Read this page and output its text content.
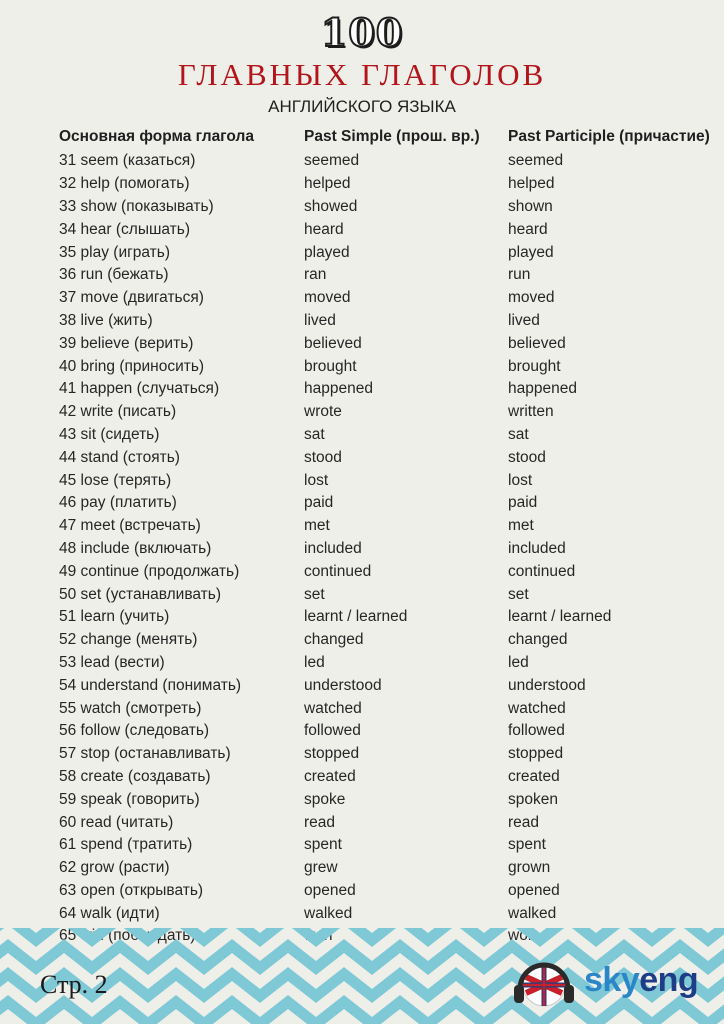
100
ГЛАВНЫХ ГЛАГОЛОВ
АНГЛИЙСКОГО ЯЗЫКА
Основная форма глагола	Past Simple (прош. вр.)	Past Participle (причастие)
31 seem (казаться)	seemed	seemed
32 help (помогать)	helped	helped
33 show (показывать)	showed	shown
34 hear (слышать)	heard	heard
35 play (играть)	played	played
36 run (бежать)	ran	run
37 move (двигаться)	moved	moved
38 live (жить)	lived	lived
39 believe (верить)	believed	believed
40 bring (приносить)	brought	brought
41 happen (случаться)	happened	happened
42 write (писать)	wrote	written
43 sit (сидеть)	sat	sat
44 stand (стоять)	stood	stood
45 lose (терять)	lost	lost
46 pay (платить)	paid	paid
47 meet (встречать)	met	met
48 include (включать)	included	included
49 continue (продолжать)	continued	continued
50 set (устанавливать)	set	set
51 learn (учить)	learnt / learned	learnt / learned
52 change (менять)	changed	changed
53 lead (вести)	led	led
54 understand (понимать)	understood	understood
55 watch (смотреть)	watched	watched
56 follow (следовать)	followed	followed
57 stop (останавливать)	stopped	stopped
58 create (создавать)	created	created
59 speak (говорить)	spoke	spoken
60 read (читать)	read	read
61 spend (тратить)	spent	spent
62 grow (расти)	grew	grown
63 open (открывать)	opened	opened
64 walk (идти)	walked	walked
65 win (побеждать)	won	won
Стр. 2	skyeng
